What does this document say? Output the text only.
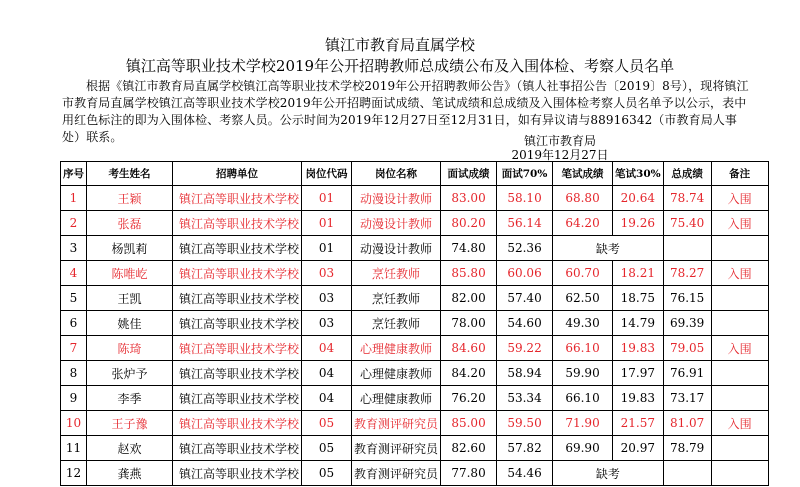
镇江市教育局直属学校
镇江高等职业技术学校2019年公开招聘教师总成绩公布及入围体检、考察人员名单
根据《镇江市教育局直属学校镇江高等职业技术学校2019年公开招聘教师公告》（镇人社事招公告〔2019〕8号），现将镇江市教育局直属学校镇江高等职业技术学校2019年公开招聘面试成绩、笔试成绩和总成绩及入围体检考察人员名单予以公示，表中用红色标注的即为入围体检、考察人员。公示时间为2019年12月27日至12月31日，如有异议请与88916342（市教育局人事处）联系。	镇江市教育局
2019年12月27日
序号	考生姓名	招聘单位	岗位代码	岗位名称	面试成绩	面试70%	笔试成绩	笔试30%	总成绩	备注
1	王颖	镇江高等职业技术学校	01	动漫设计教师	83.00	58.10	68.80	20.64	78.74	入围
2	张磊	镇江高等职业技术学校	01	动漫设计教师	80.20	56.14	64.20	19.26	75.40	入围
3	杨凯莉	镇江高等职业技术学校	01	动漫设计教师	74.80	52.36	缺考			
4	陈唯屹	镇江高等职业技术学校	03	烹饪教师	85.80	60.06	60.70	18.21	78.27	入围
5	王凯	镇江高等职业技术学校	03	烹饪教师	82.00	57.40	62.50	18.75	76.15	
6	姚佳	镇江高等职业技术学校	03	烹饪教师	78.00	54.60	49.30	14.79	69.39	
7	陈琦	镇江高等职业技术学校	04	心理健康教师	84.60	59.22	66.10	19.83	79.05	入围
8	张炉予	镇江高等职业技术学校	04	心理健康教师	84.20	58.94	59.90	17.97	76.91	
9	李季	镇江高等职业技术学校	04	心理健康教师	76.20	53.34	66.10	19.83	73.17	
10	王子豫	镇江高等职业技术学校	05	教育测评研究员	85.00	59.50	71.90	21.57	81.07	入围
11	赵欢	镇江高等职业技术学校	05	教育测评研究员	82.60	57.82	69.90	20.97	78.79	
12	龚燕	镇江高等职业技术学校	05	教育测评研究员	77.80	54.46	缺考			
